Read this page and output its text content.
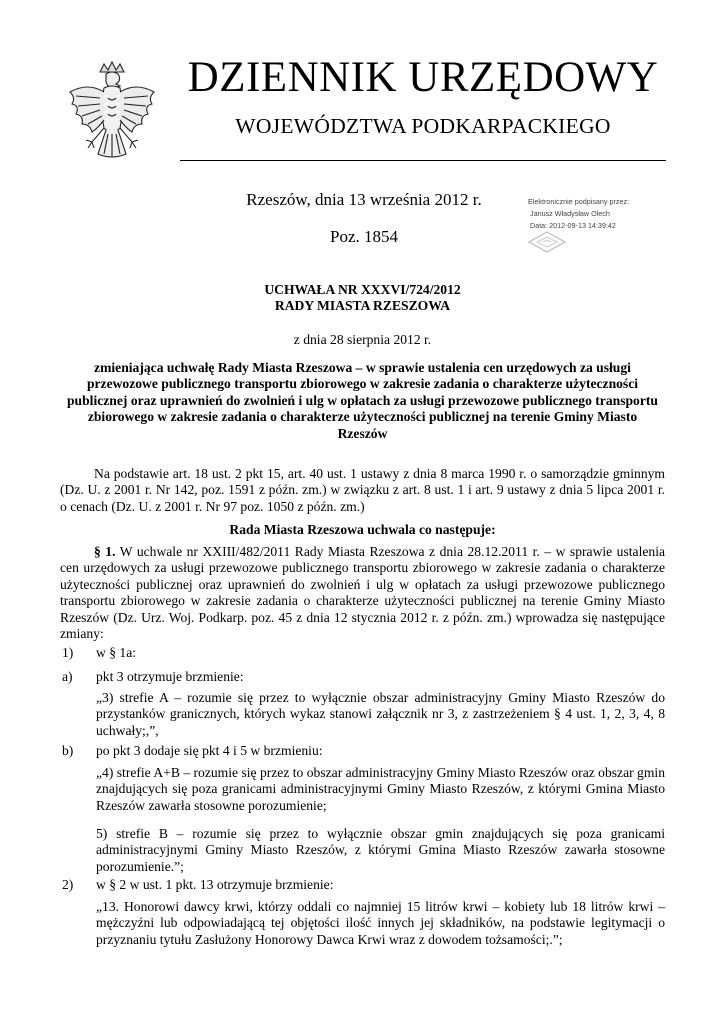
DZIENNIK URZĘDOWY
WOJEWÓDZTWA PODKARPACKIEGO
Rzeszów, dnia 13 września 2012 r.
Poz. 1854
Elektronicznie podpisany przez:
Janusz Władysław Olech
Data: 2012-09-13 14:39:42
UCHWAŁA NR XXXVI/724/2012
RADY MIASTA RZESZOWA
z dnia 28 sierpnia 2012 r.
zmieniająca uchwałę Rady Miasta Rzeszowa – w sprawie ustalenia cen urzędowych za usługi przewozowe publicznego transportu zbiorowego w zakresie zadania o charakterze użyteczności publicznej oraz uprawnień do zwolnień i ulg w opłatach za usługi przewozowe publicznego transportu zbiorowego w zakresie zadania o charakterze użyteczności publicznej na terenie Gminy Miasto Rzeszów
Na podstawie art. 18 ust. 2 pkt 15, art. 40 ust. 1 ustawy z dnia 8 marca 1990 r. o samorządzie gminnym (Dz. U. z 2001 r. Nr 142, poz. 1591 z późn. zm.) w związku z art. 8 ust. 1 i art. 9 ustawy z dnia 5 lipca 2001 r. o cenach (Dz. U. z 2001 r. Nr 97 poz. 1050 z późn. zm.)
Rada Miasta Rzeszowa uchwala co następuje:
§ 1. W uchwale nr XXIII/482/2011 Rady Miasta Rzeszowa z dnia 28.12.2011 r. – w sprawie ustalenia cen urzędowych za usługi przewozowe publicznego transportu zbiorowego w zakresie zadania o charakterze użyteczności publicznej oraz uprawnień do zwolnień i ulg w opłatach za usługi przewozowe publicznego transportu zbiorowego w zakresie zadania o charakterze użyteczności publicznej na terenie Gminy Miasto Rzeszów (Dz. Urz. Woj. Podkarp. poz. 45 z dnia 12 stycznia 2012 r. z późn. zm.) wprowadza się następujące zmiany:
1) w § 1a:
a) pkt 3 otrzymuje brzmienie:
„3) strefie A – rozumie się przez to wyłącznie obszar administracyjny Gminy Miasto Rzeszów do przystanków granicznych, których wykaz stanowi załącznik nr 3, z zastrzeżeniem § 4 ust. 1, 2, 3, 4, 8 uchwały;,”,
b) po pkt 3 dodaje się pkt 4 i 5 w brzmieniu:
„4) strefie A+B – rozumie się przez to obszar administracyjny Gminy Miasto Rzeszów oraz obszar gmin znajdujących się poza granicami administracyjnymi Gminy Miasto Rzeszów, z którymi Gmina Miasto Rzeszów zawarła stosowne porozumienie;
5) strefie B – rozumie się przez to wyłącznie obszar gmin znajdujących się poza granicami administracyjnymi Gminy Miasto Rzeszów, z którymi Gmina Miasto Rzeszów zawarła stosowne porozumienie.”;
2) w § 2 w ust. 1 pkt. 13 otrzymuje brzmienie:
„13. Honorowi dawcy krwi, którzy oddali co najmniej 15 litrów krwi – kobiety lub 18 litrów krwi – mężczyźni lub odpowiadającą tej objętości ilość innych jej składników, na podstawie legitymacji o przyznaniu tytułu Zasłużony Honorowy Dawca Krwi wraz z dowodem tożsamości;.”;
